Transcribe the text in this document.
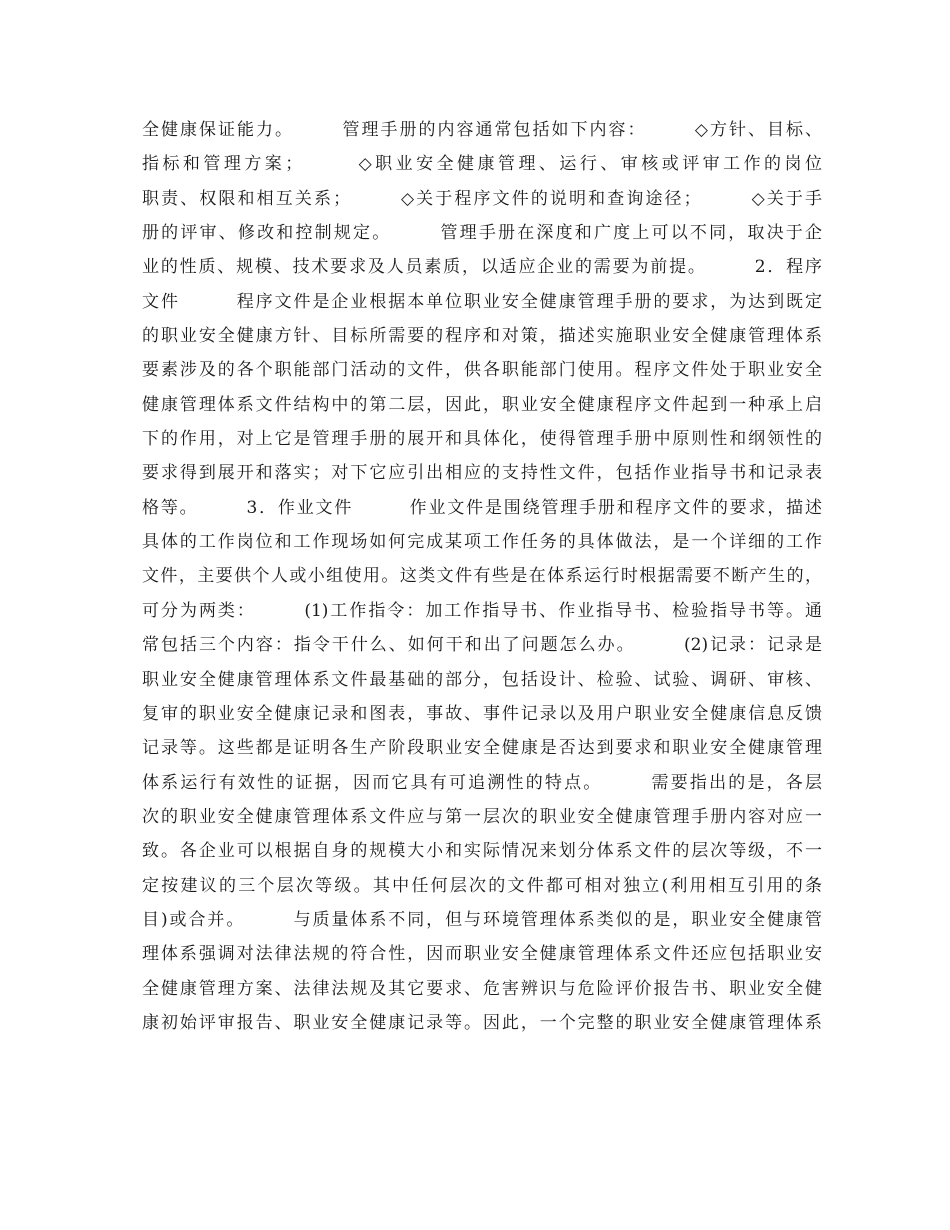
全健康保证能力。　　　管理手册的内容通常包括如下内容：　　　◇方针、目标、
指标和管理方案；　　　◇职业安全健康管理、运行、审核或评审工作的岗位
职责、权限和相互关系；　　　◇关于程序文件的说明和查询途径；　　　◇关于手
册的评审、修改和控制规定。　　　管理手册在深度和广度上可以不同，取决于企
业的性质、规模、技术要求及人员素质，以适应企业的需要为前提。　　　2．程序
文件　　　程序文件是企业根据本单位职业安全健康管理手册的要求，为达到既定
的职业安全健康方针、目标所需要的程序和对策，描述实施职业安全健康管理体系
要素涉及的各个职能部门活动的文件，供各职能部门使用。程序文件处于职业安全
健康管理体系文件结构中的第二层，因此，职业安全健康程序文件起到一种承上启
下的作用，对上它是管理手册的展开和具体化，使得管理手册中原则性和纲领性的
要求得到展开和落实；对下它应引出相应的支持性文件，包括作业指导书和记录表
格等。　　　3．作业文件　　　作业文件是围绕管理手册和程序文件的要求，描述
具体的工作岗位和工作现场如何完成某项工作任务的具体做法，是一个详细的工作
文件，主要供个人或小组使用。这类文件有些是在体系运行时根据需要不断产生的，
可分为两类：　　　(1)工作指令：加工作指导书、作业指导书、检验指导书等。通
常包括三个内容：指令干什么、如何干和出了问题怎么办。　　　(2)记录：记录是
职业安全健康管理体系文件最基础的部分，包括设计、检验、试验、调研、审核、
复审的职业安全健康记录和图表，事故、事件记录以及用户职业安全健康信息反馈
记录等。这些都是证明各生产阶段职业安全健康是否达到要求和职业安全健康管理
体系运行有效性的证据，因而它具有可追溯性的特点。　　　需要指出的是，各层
次的职业安全健康管理体系文件应与第一层次的职业安全健康管理手册内容对应一
致。各企业可以根据自身的规模大小和实际情况来划分体系文件的层次等级，不一
定按建议的三个层次等级。其中任何层次的文件都可相对独立(利用相互引用的条
目)或合并。　　　与质量体系不同，但与环境管理体系类似的是，职业安全健康管
理体系强调对法律法规的符合性，因而职业安全健康管理体系文件还应包括职业安
全健康管理方案、法律法规及其它要求、危害辨识与危险评价报告书、职业安全健
康初始评审报告、职业安全健康记录等。因此，一个完整的职业安全健康管理体系
